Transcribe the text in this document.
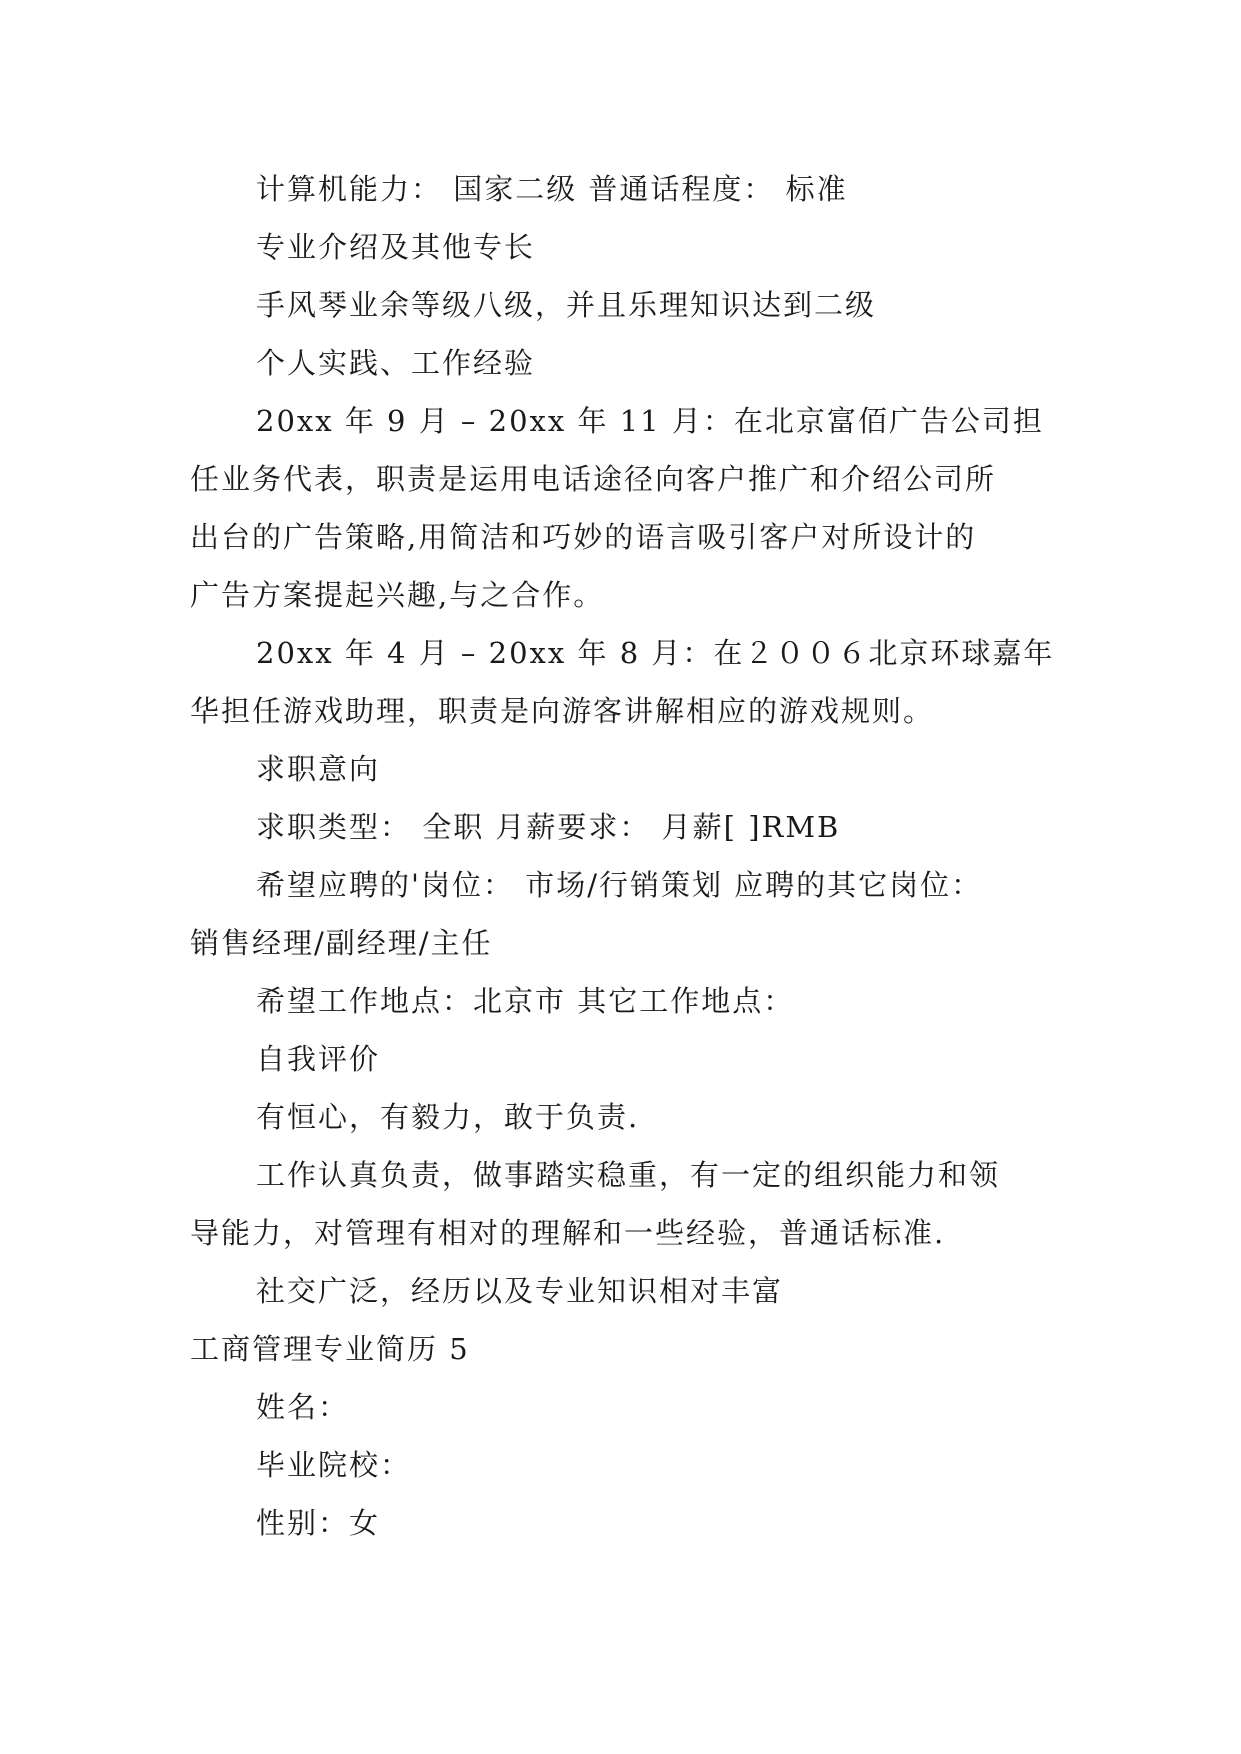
计算机能力： 国家二级 普通话程度： 标准
专业介绍及其他专长
手风琴业余等级八级，并且乐理知识达到二级
个人实践、工作经验
20xx 年 9 月 – 20xx 年 11 月：在北京富佰广告公司担
任业务代表，职责是运用电话途径向客户推广和介绍公司所
出台的广告策略,用简洁和巧妙的语言吸引客户对所设计的
广告方案提起兴趣,与之合作。
20xx 年 4 月 – 20xx 年 8 月：在２００６北京环球嘉年
华担任游戏助理，职责是向游客讲解相应的游戏规则。
求职意向
求职类型： 全职 月薪要求： 月薪[ ]RMB
希望应聘的'岗位： 市场/行销策划 应聘的其它岗位：
销售经理/副经理/主任
希望工作地点：北京市 其它工作地点：
自我评价
有恒心，有毅力，敢于负责.
工作认真负责，做事踏实稳重，有一定的组织能力和领
导能力，对管理有相对的理解和一些经验，普通话标准.
社交广泛，经历以及专业知识相对丰富
工商管理专业简历 5
姓名：
毕业院校：
性别：女
